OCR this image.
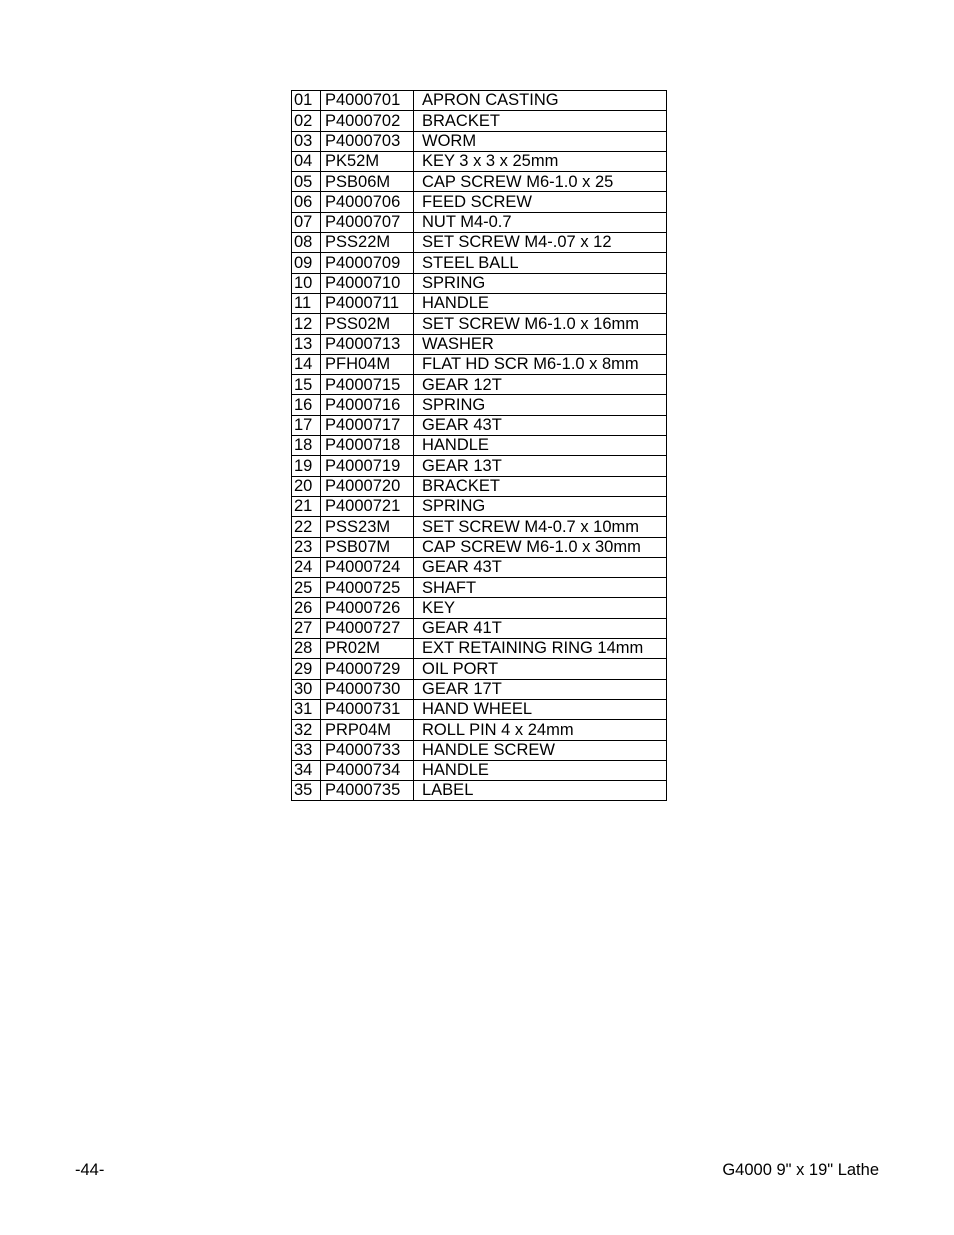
01	P4000701	APRON CASTING
02	P4000702	BRACKET
03	P4000703	WORM
04	PK52M	KEY 3 x 3 x 25mm
05	PSB06M	CAP SCREW M6-1.0 x 25
06	P4000706	FEED SCREW
07	P4000707	NUT M4-0.7
08	PSS22M	SET SCREW M4-.07 x 12
09	P4000709	STEEL BALL
10	P4000710	SPRING
11	P4000711	HANDLE
12	PSS02M	SET SCREW M6-1.0 x 16mm
13	P4000713	WASHER
14	PFH04M	FLAT HD SCR M6-1.0 x 8mm
15	P4000715	GEAR 12T
16	P4000716	SPRING
17	P4000717	GEAR 43T
18	P4000718	HANDLE
19	P4000719	GEAR 13T
20	P4000720	BRACKET
21	P4000721	SPRING
22	PSS23M	SET SCREW M4-0.7 x 10mm
23	PSB07M	CAP SCREW M6-1.0 x 30mm
24	P4000724	GEAR 43T
25	P4000725	SHAFT
26	P4000726	KEY
27	P4000727	GEAR 41T
28	PR02M	EXT RETAINING RING 14mm
29	P4000729	OIL PORT
30	P4000730	GEAR 17T
31	P4000731	HAND WHEEL
32	PRP04M	ROLL PIN 4 x 24mm
33	P4000733	HANDLE SCREW
34	P4000734	HANDLE
35	P4000735	LABEL
-44-	G4000 9" x 19" Lathe
